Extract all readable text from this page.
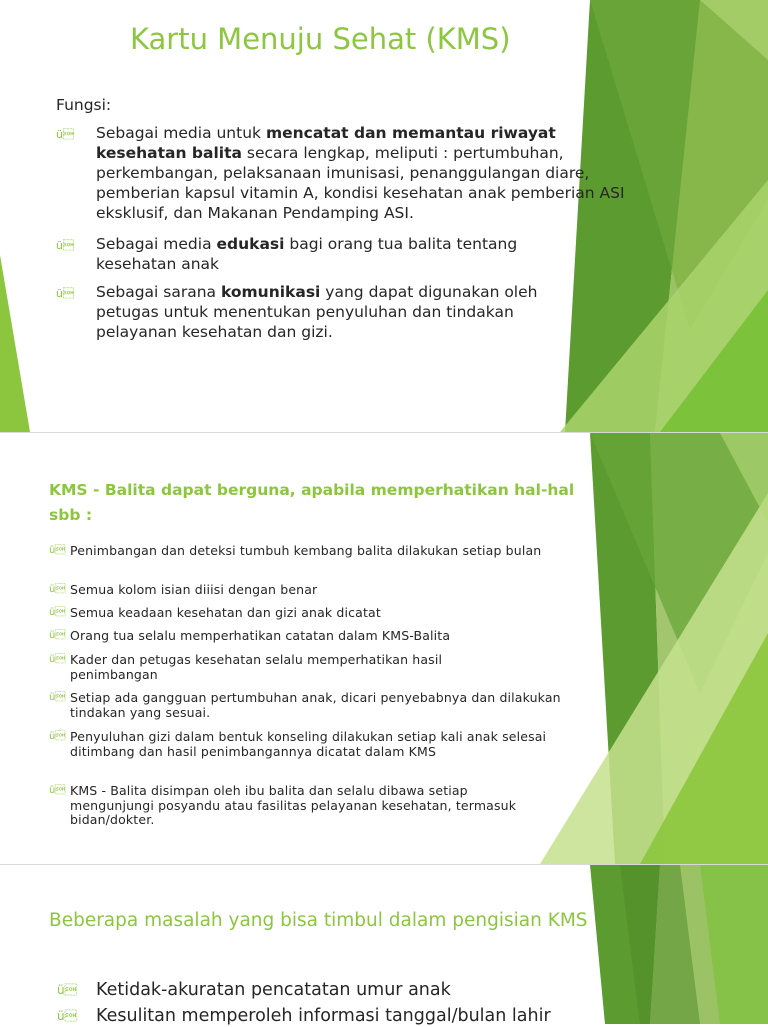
Kartu Menuju Sehat (KMS)
Fungsi:
ü Sebagai media untuk mencatat dan memantau riwayat kesehatan balita secara lengkap, meliputi : pertumbuhan, perkembangan, pelaksanaan imunisasi, penanggulangan diare, pemberian kapsul vitamin A, kondisi kesehatan anak pemberian ASI eksklusif, dan Makanan Pendamping ASI.
ü Sebagai media edukasi bagi orang tua balita tentang kesehatan anak
ü Sebagai sarana komunikasi yang dapat digunakan oleh petugas untuk menentukan penyuluhan dan tindakan pelayanan kesehatan dan gizi.
KMS - Balita dapat berguna, apabila memperhatikan hal-hal sbb :
ü Penimbangan dan deteksi tumbuh kembang balita dilakukan setiap bulan
ü Semua kolom isian diiisi dengan benar
ü Semua keadaan kesehatan dan gizi anak dicatat
ü Orang tua selalu memperhatikan catatan dalam KMS-Balita
ü Kader dan petugas kesehatan selalu memperhatikan hasil penimbangan
ü Setiap ada gangguan pertumbuhan anak, dicari penyebabnya dan dilakukan tindakan yang sesuai.
ü Penyuluhan gizi dalam bentuk konseling dilakukan setiap kali anak selesai ditimbang dan hasil penimbangannya dicatat dalam KMS
ü KMS - Balita disimpan oleh ibu balita dan selalu dibawa setiap mengunjungi posyandu atau fasilitas pelayanan kesehatan, termasuk bidan/dokter.
Beberapa masalah yang bisa timbul dalam pengisian KMS
ü Ketidak-akuratan pencatatan umur anak
ü Kesulitan memperoleh informasi tanggal/bulan lahir
